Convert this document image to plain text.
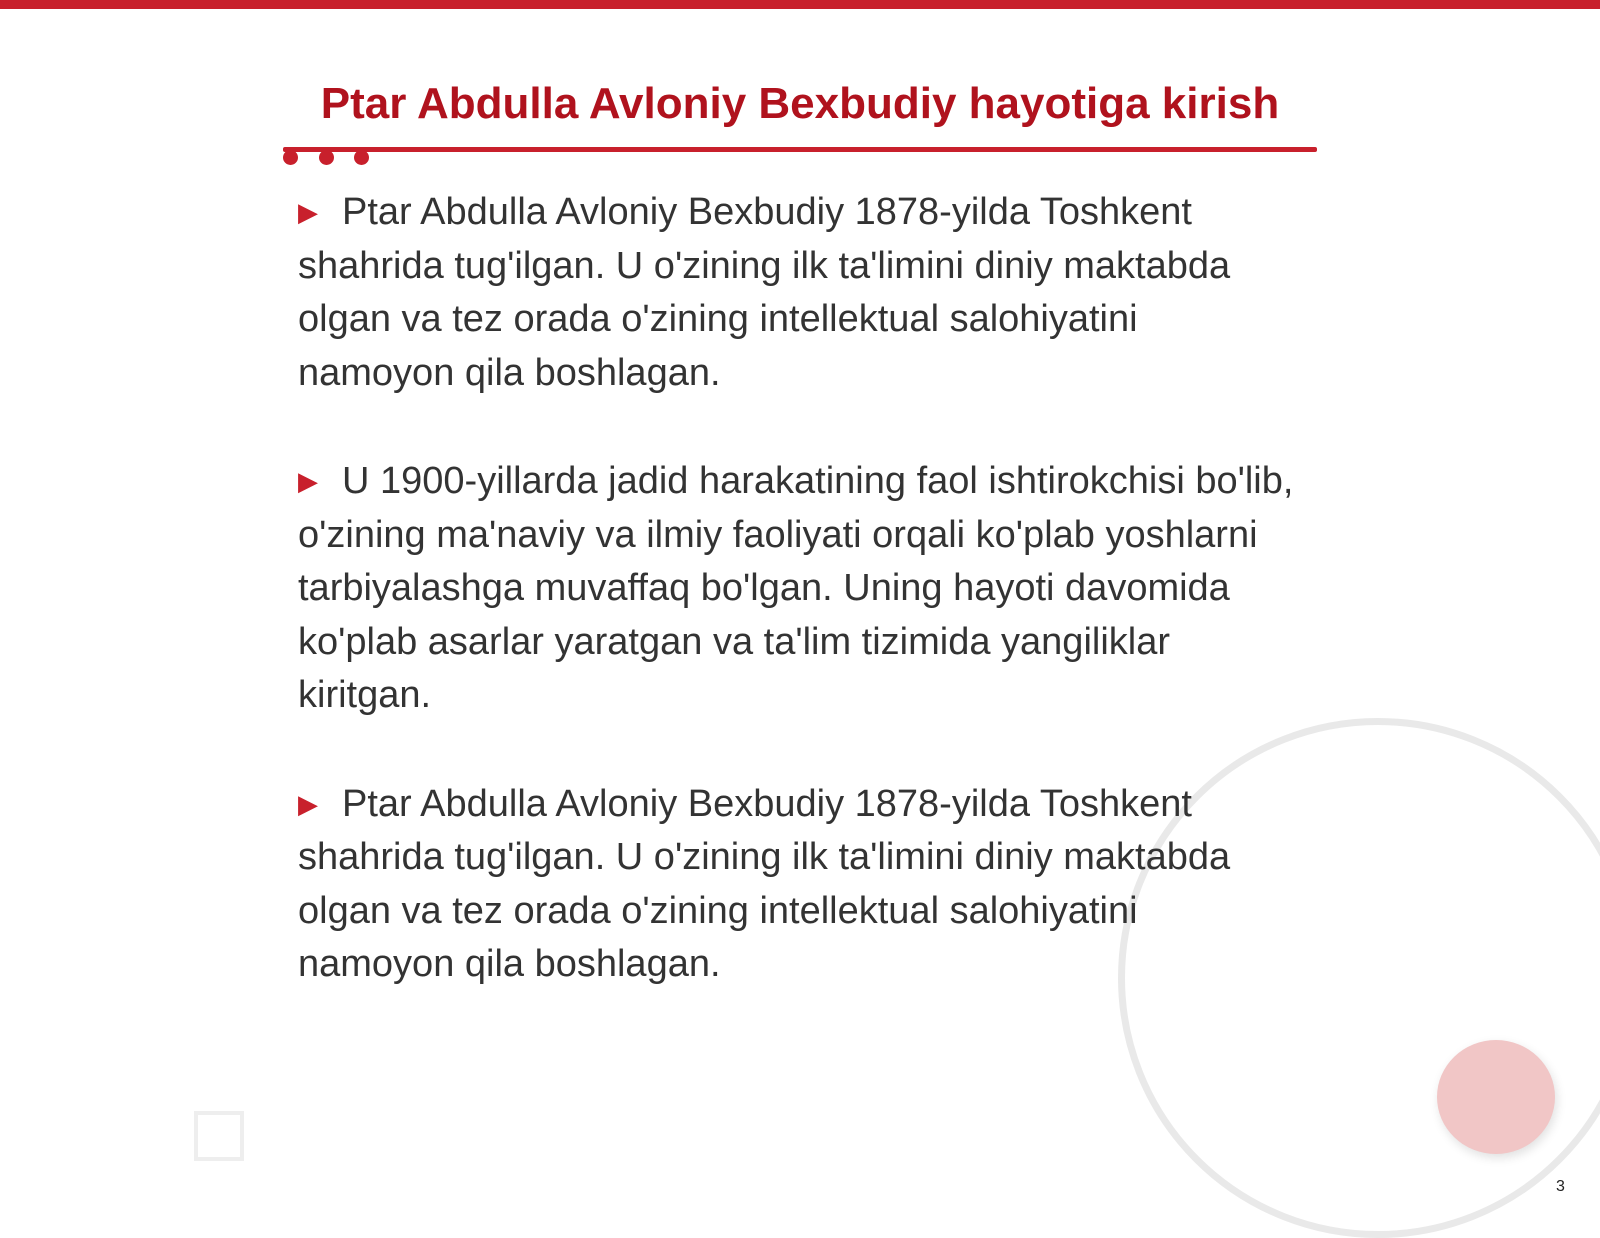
Ptar Abdulla Avloniy Bexbudiy hayotiga kirish

▶ Ptar Abdulla Avloniy Bexbudiy 1878-yilda Toshkent shahrida tug'ilgan. U o'zining ilk ta'limini diniy maktabda olgan va tez orada o'zining intellektual salohiyatini namoyon qila boshlagan.

▶ U 1900-yillarda jadid harakatining faol ishtirokchisi bo'lib, o'zining ma'naviy va ilmiy faoliyati orqali ko'plab yoshlarni tarbiyalashga muvaffaq bo'lgan. Uning hayoti davomida ko'plab asarlar yaratgan va ta'lim tizimida yangiliklar kiritgan.

▶ Ptar Abdulla Avloniy Bexbudiy 1878-yilda Toshkent shahrida tug'ilgan. U o'zining ilk ta'limini diniy maktabda olgan va tez orada o'zining intellektual salohiyatini namoyon qila boshlagan.

3
